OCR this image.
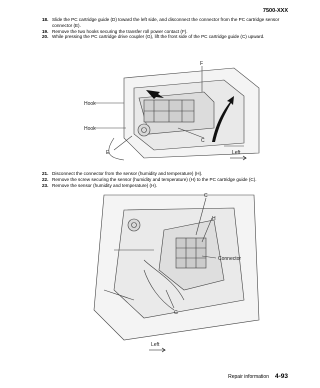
7500-XXX
18. Slide the PC cartridge guide (D) toward the left side, and disconnect the connector from the PC cartridge sensor connector (E).
19. Remove the two hooks securing the transfer roll power contact (F).
20. While pressing the PC cartridge drive coupler (G), lift the front side of the PC cartridge guide (C) upward.
F
Hook
Hook
C
E	Left
21. Disconnect the connector from the sensor (humidity and temperature) (H).
22. Remove the screw securing the sensor (humidity and temperature) (H) to the PC cartridge guide (C).
23. Remove the sensor (humidity and temperature) (H).
C
H
Connector
G
Left
Repair information 4-93
